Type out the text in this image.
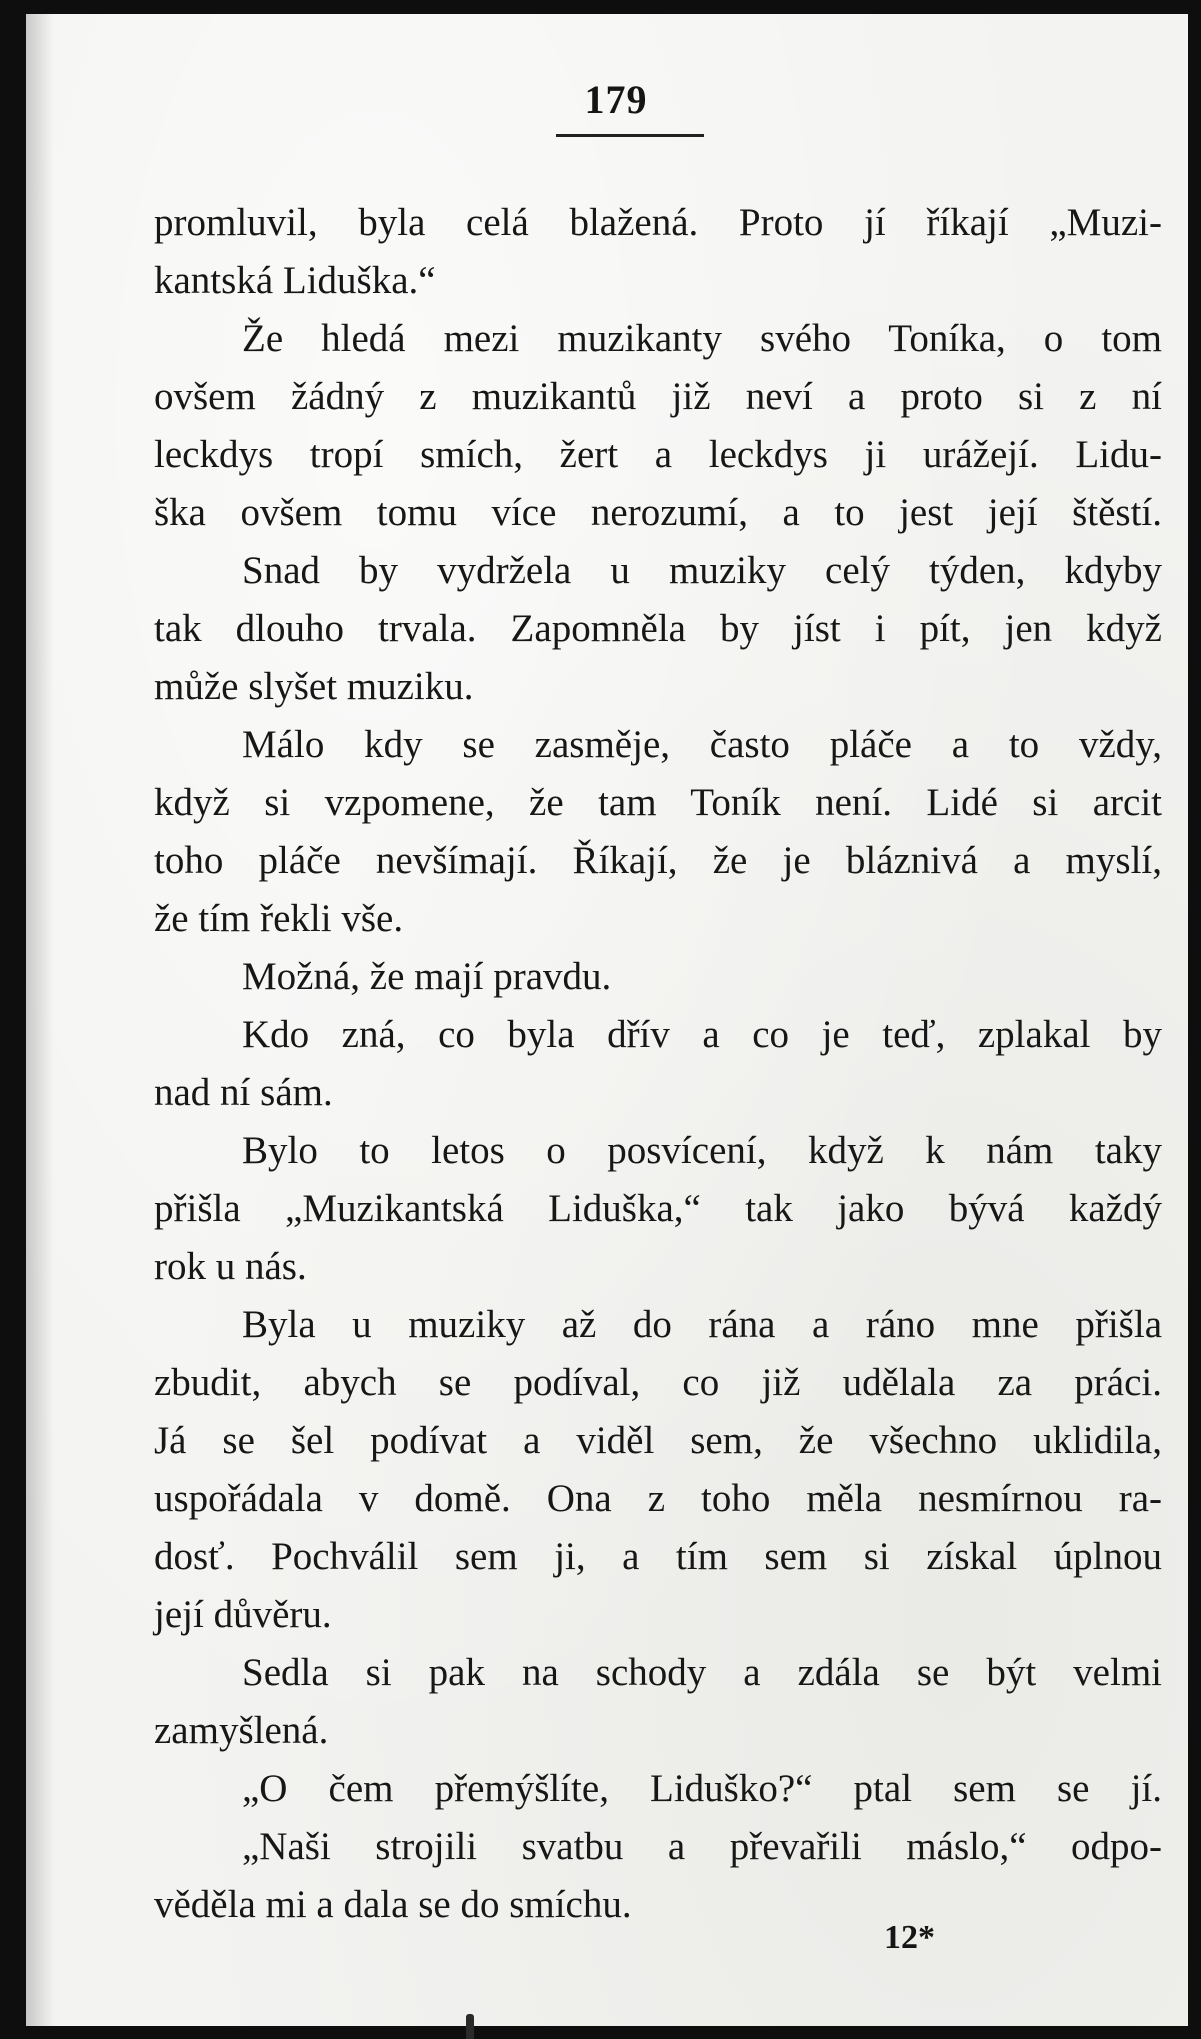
179
promluvil, byla celá blažená. Proto jí říkají „Muzi-
kantská Liduška.“
Že hledá mezi muzikanty svého Toníka, o tom
ovšem žádný z muzikantů již neví a proto si z ní
leckdys tropí smích, žert a leckdys ji urážejí. Lidu-
ška ovšem tomu více nerozumí, a to jest její štěstí.
Snad by vydržela u muziky celý týden, kdyby
tak dlouho trvala. Zapomněla by jíst i pít, jen když
může slyšet muziku.
Málo kdy se zasměje, často pláče a to vždy,
když si vzpomene, že tam Toník není. Lidé si arcit
toho pláče nevšímají. Říkají, že je bláznivá a myslí,
že tím řekli vše.
Možná, že mají pravdu.
Kdo zná, co byla dřív a co je teď, zplakal by
nad ní sám.
Bylo to letos o posvícení, když k nám taky
přišla „Muzikantská Liduška,“ tak jako bývá každý
rok u nás.
Byla u muziky až do rána a ráno mne přišla
zbudit, abych se podíval, co již udělala za práci.
Já se šel podívat a viděl sem, že všechno uklidila,
uspořádala v domě. Ona z toho měla nesmírnou ra-
dosť. Pochválil sem ji, a tím sem si získal úplnou
její důvěru.
Sedla si pak na schody a zdála se být velmi
zamyšlená.
„O čem přemýšlíte, Liduško?“ ptal sem se jí.
„Naši strojili svatbu a převařili máslo,“ odpo-
věděla mi a dala se do smíchu.
12*
